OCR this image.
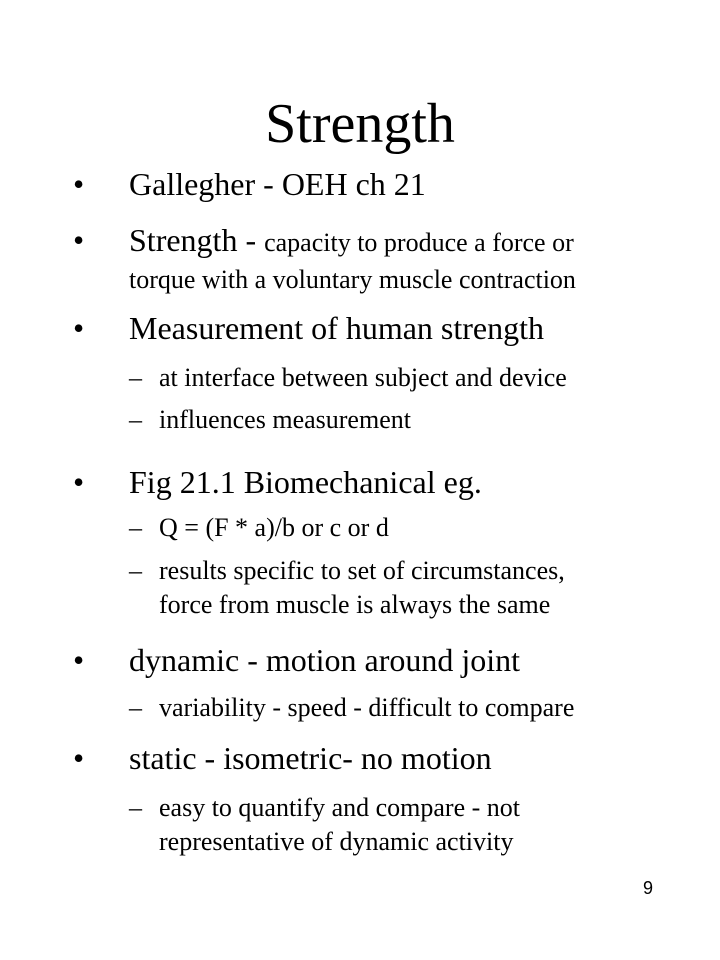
Strength
• Gallegher - OEH ch 21
• Strength - capacity to produce a force or
torque with a voluntary muscle contraction
• Measurement of human strength
– at interface between subject and device
– influences measurement
• Fig 21.1 Biomechanical eg.
– Q = (F * a)/b or c or d
– results specific to set of circumstances,
force from muscle is always the same
• dynamic - motion around joint
– variability - speed - difficult to compare
• static - isometric- no motion
– easy to quantify and compare - not
representative of dynamic activity
9
